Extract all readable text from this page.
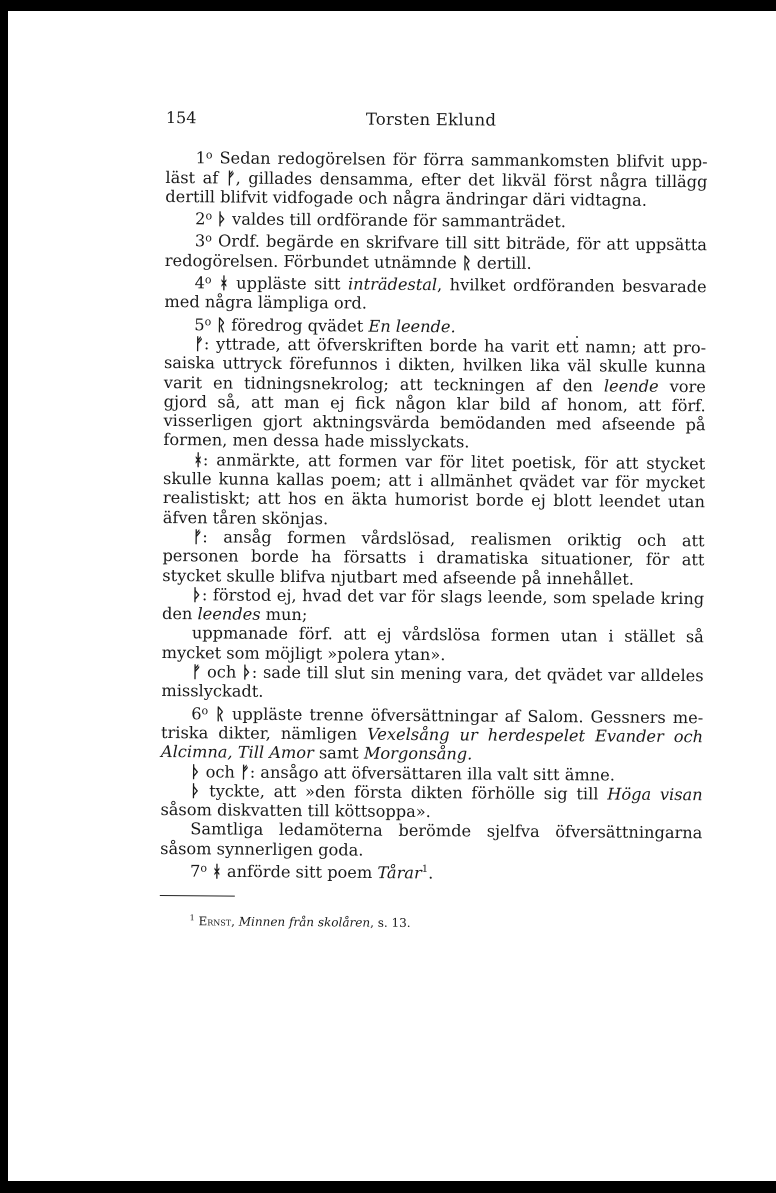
154	Torsten Eklund

1$^o$ Sedan redogörelsen för förra sammankomsten blifvit uppläst af ᚠ, gillades densamma, efter det likväl först några tillägg dertill blifvit vidfogade och några ändringar däri vidtagna.

2$^o$ ᚦ valdes till ordförande för sammanträdet.

3$^o$ Ordf. begärde en skrifvare till sitt biträde, för att uppsätta redogörelsen. Förbundet utnämnde ᚱ dertill.

4$^o$ ᚼ uppläste sitt inträdestal, hvilket ordföranden besvarade med några lämpliga ord.

5$^o$ ᚱ föredrog qvädet En leende.

ᚠ: yttrade, att öfverskriften borde ha varit ett namn; att prosaiska uttryck förefunnos i dikten, hvilken lika väl skulle kunna varit en tidningsnekrolog; att teckningen af den leende vore gjord så, att man ej fick någon klar bild af honom, att förf. visserligen gjort aktningsvärda bemödanden med afseende på formen, men dessa hade misslyckats.

ᚼ: anmärkte, att formen var för litet poetisk, för att stycket skulle kunna kallas poem; att i allmänhet qvädet var för mycket realistiskt; att hos en äkta humorist borde ej blott leendet utan äfven tåren skönjas.

ᚠ: ansåg formen vårdslösad, realismen oriktig och att personen borde ha försatts i dramatiska situationer, för att stycket skulle blifva njutbart med afseende på innehållet.

ᚦ: förstod ej, hvad det var för slags leende, som spelade kring den leendes mun;

uppmanade förf. att ej vårdslösa formen utan i stället så mycket som möjligt »polera ytan».

ᚠ och ᚦ: sade till slut sin mening vara, det qvädet var alldeles misslyckadt.

6$^o$ ᚱ uppläste trenne öfversättningar af Salom. Gessners metriska dikter, nämligen Vexelsång ur herdespelet Evander och Alcimna, Till Amor samt Morgonsång.

ᚦ och ᚠ: ansågo att öfversättaren illa valt sitt ämne.

ᚦ tyckte, att »den första dikten förhölle sig till Höga visan såsom diskvatten till köttsoppa».

Samtliga ledamöterna berömde sjelfva öfversättningarna såsom synnerligen goda.

7$^o$ ᚼ anförde sitt poem Tårar$^1$.

$^1$ Ernst, Minnen från skolåren, s. 13.
